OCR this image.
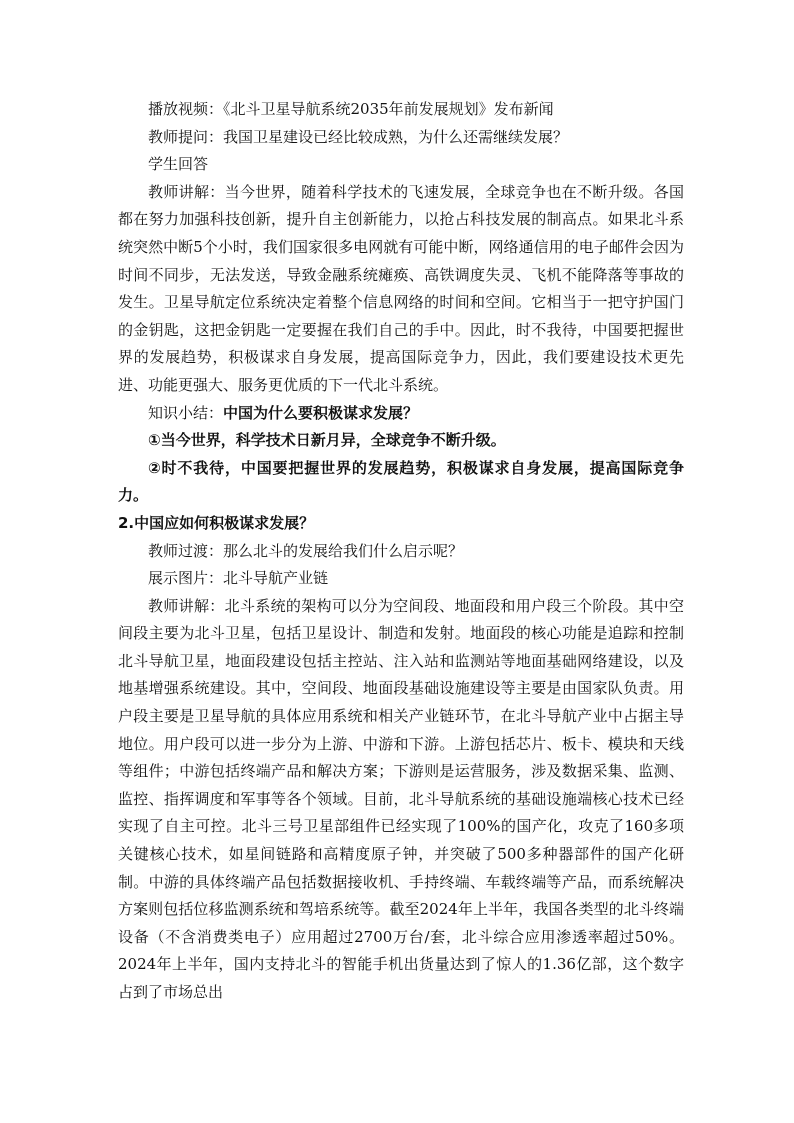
播放视频：《北斗卫星导航系统2035年前发展规划》发布新闻

教师提问：我国卫星建设已经比较成熟，为什么还需继续发展？

学生回答

教师讲解：当今世界，随着科学技术的飞速发展，全球竞争也在不断升级。各国都在努力加强科技创新，提升自主创新能力，以抢占科技发展的制高点。如果北斗系统突然中断5个小时，我们国家很多电网就有可能中断，网络通信用的电子邮件会因为时间不同步，无法发送，导致金融系统瘫痪、高铁调度失灵、飞机不能降落等事故的发生。卫星导航定位系统决定着整个信息网络的时间和空间。它相当于一把守护国门的金钥匙，这把金钥匙一定要握在我们自己的手中。因此，时不我待，中国要把握世界的发展趋势，积极谋求自身发展，提高国际竞争力，因此，我们要建设技术更先进、功能更强大、服务更优质的下一代北斗系统。

知识小结：中国为什么要积极谋求发展？

①当今世界，科学技术日新月异，全球竞争不断升级。

②时不我待，中国要把握世界的发展趋势，积极谋求自身发展，提高国际竞争力。

2.中国应如何积极谋求发展？

教师过渡：那么北斗的发展给我们什么启示呢？

展示图片：北斗导航产业链

教师讲解：北斗系统的架构可以分为空间段、地面段和用户段三个阶段。其中空间段主要为北斗卫星，包括卫星设计、制造和发射。地面段的核心功能是追踪和控制北斗导航卫星，地面段建设包括主控站、注入站和监测站等地面基础网络建设，以及地基增强系统建设。其中，空间段、地面段基础设施建设等主要是由国家队负责。用户段主要是卫星导航的具体应用系统和相关产业链环节，在北斗导航产业中占据主导地位。用户段可以进一步分为上游、中游和下游。上游包括芯片、板卡、模块和天线等组件；中游包括终端产品和解决方案；下游则是运营服务，涉及数据采集、监测、监控、指挥调度和军事等各个领域。目前，北斗导航系统的基础设施端核心技术已经实现了自主可控。北斗三号卫星部组件已经实现了100%的国产化，攻克了160多项关键核心技术，如星间链路和高精度原子钟，并突破了500多种器部件的国产化研制。中游的具体终端产品包括数据接收机、手持终端、车载终端等产品，而系统解决方案则包括位移监测系统和驾培系统等。截至2024年上半年，我国各类型的北斗终端设备（不含消费类电子）应用超过2700万台/套，北斗综合应用渗透率超过50%。2024年上半年，国内支持北斗的智能手机出货量达到了惊人的1.36亿部，这个数字占到了市场总出
